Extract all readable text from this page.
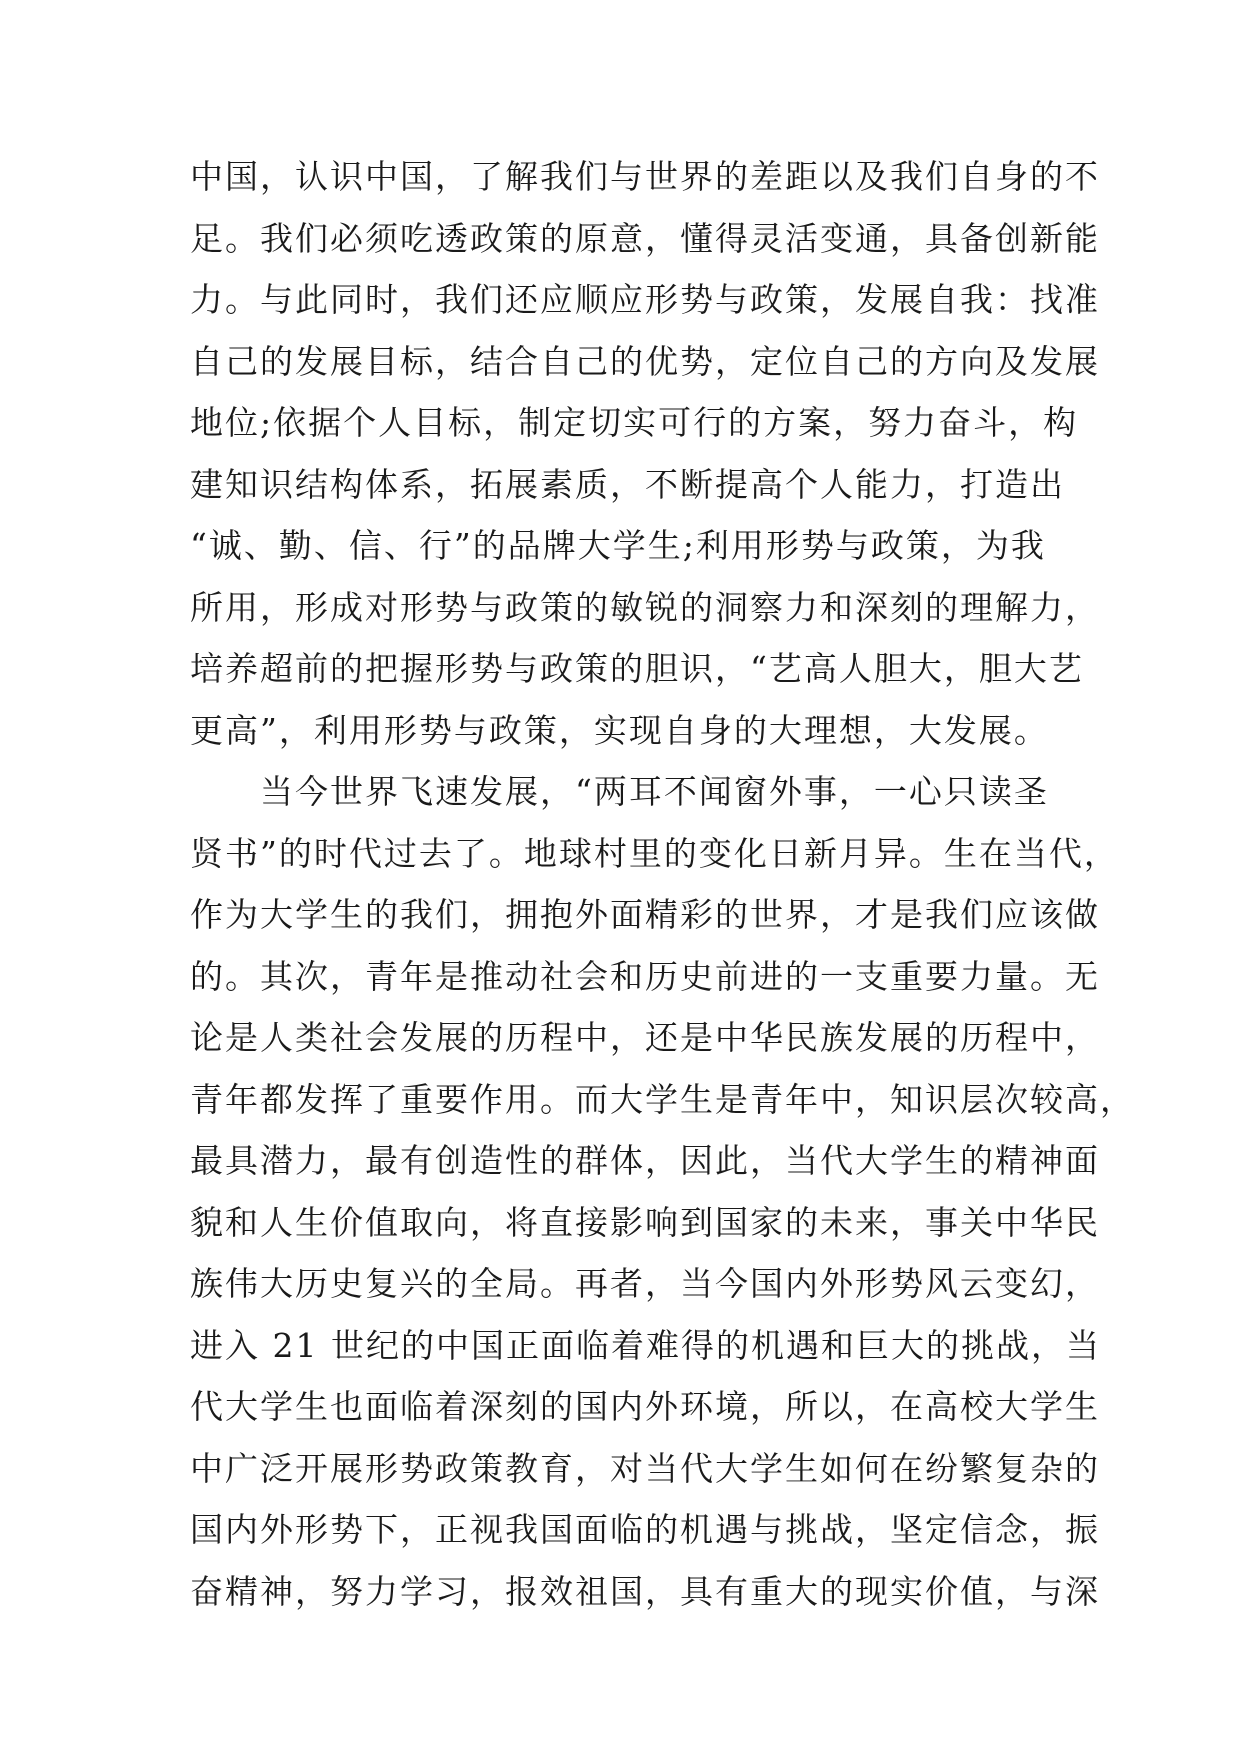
中国，认识中国，了解我们与世界的差距以及我们自身的不
足。我们必须吃透政策的原意，懂得灵活变通，具备创新能
力。与此同时，我们还应顺应形势与政策，发展自我：找准
自己的发展目标，结合自己的优势，定位自己的方向及发展
地位;依据个人目标，制定切实可行的方案，努力奋斗，构
建知识结构体系，拓展素质，不断提高个人能力，打造出
“诚、勤、信、行”的品牌大学生;利用形势与政策，为我
所用，形成对形势与政策的敏锐的洞察力和深刻的理解力，
培养超前的把握形势与政策的胆识，“艺高人胆大，胆大艺
更高”，利用形势与政策，实现自身的大理想，大发展。
当今世界飞速发展，“两耳不闻窗外事，一心只读圣
贤书”的时代过去了。地球村里的变化日新月异。生在当代，
作为大学生的我们，拥抱外面精彩的世界，才是我们应该做
的。其次，青年是推动社会和历史前进的一支重要力量。无
论是人类社会发展的历程中，还是中华民族发展的历程中，
青年都发挥了重要作用。而大学生是青年中，知识层次较高，
最具潜力，最有创造性的群体，因此，当代大学生的精神面
貌和人生价值取向，将直接影响到国家的未来，事关中华民
族伟大历史复兴的全局。再者，当今国内外形势风云变幻，
进入 21 世纪的中国正面临着难得的机遇和巨大的挑战，当
代大学生也面临着深刻的国内外环境，所以，在高校大学生
中广泛开展形势政策教育，对当代大学生如何在纷繁复杂的
国内外形势下，正视我国面临的机遇与挑战，坚定信念，振
奋精神，努力学习，报效祖国，具有重大的现实价值，与深
